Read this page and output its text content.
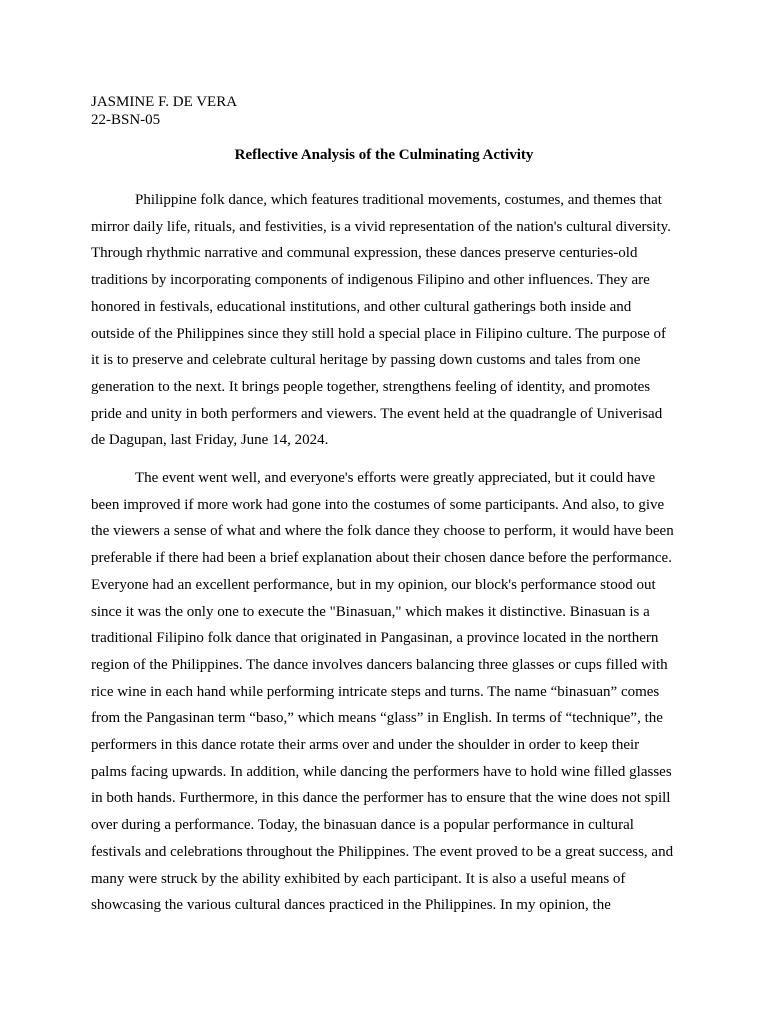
JASMINE F. DE VERA
22-BSN-05
Reflective Analysis of the Culminating Activity

Philippine folk dance, which features traditional movements, costumes, and themes that
mirror daily life, rituals, and festivities, is a vivid representation of the nation's cultural diversity.
Through rhythmic narrative and communal expression, these dances preserve centuries-old
traditions by incorporating components of indigenous Filipino and other influences. They are
honored in festivals, educational institutions, and other cultural gatherings both inside and
outside of the Philippines since they still hold a special place in Filipino culture. The purpose of
it is to preserve and celebrate cultural heritage by passing down customs and tales from one
generation to the next. It brings people together, strengthens feeling of identity, and promotes
pride and unity in both performers and viewers. The event held at the quadrangle of Univerisad
de Dagupan, last Friday, June 14, 2024.

The event went well, and everyone's efforts were greatly appreciated, but it could have
been improved if more work had gone into the costumes of some participants. And also, to give
the viewers a sense of what and where the folk dance they choose to perform, it would have been
preferable if there had been a brief explanation about their chosen dance before the performance.
Everyone had an excellent performance, but in my opinion, our block's performance stood out
since it was the only one to execute the "Binasuan," which makes it distinctive. Binasuan is a
traditional Filipino folk dance that originated in Pangasinan, a province located in the northern
region of the Philippines. The dance involves dancers balancing three glasses or cups filled with
rice wine in each hand while performing intricate steps and turns. The name “binasuan” comes
from the Pangasinan term “baso,” which means “glass” in English. In terms of “technique”, the
performers in this dance rotate their arms over and under the shoulder in order to keep their
palms facing upwards. In addition, while dancing the performers have to hold wine filled glasses
in both hands. Furthermore, in this dance the performer has to ensure that the wine does not spill
over during a performance. Today, the binasuan dance is a popular performance in cultural
festivals and celebrations throughout the Philippines. The event proved to be a great success, and
many were struck by the ability exhibited by each participant. It is also a useful means of
showcasing the various cultural dances practiced in the Philippines. In my opinion, the
